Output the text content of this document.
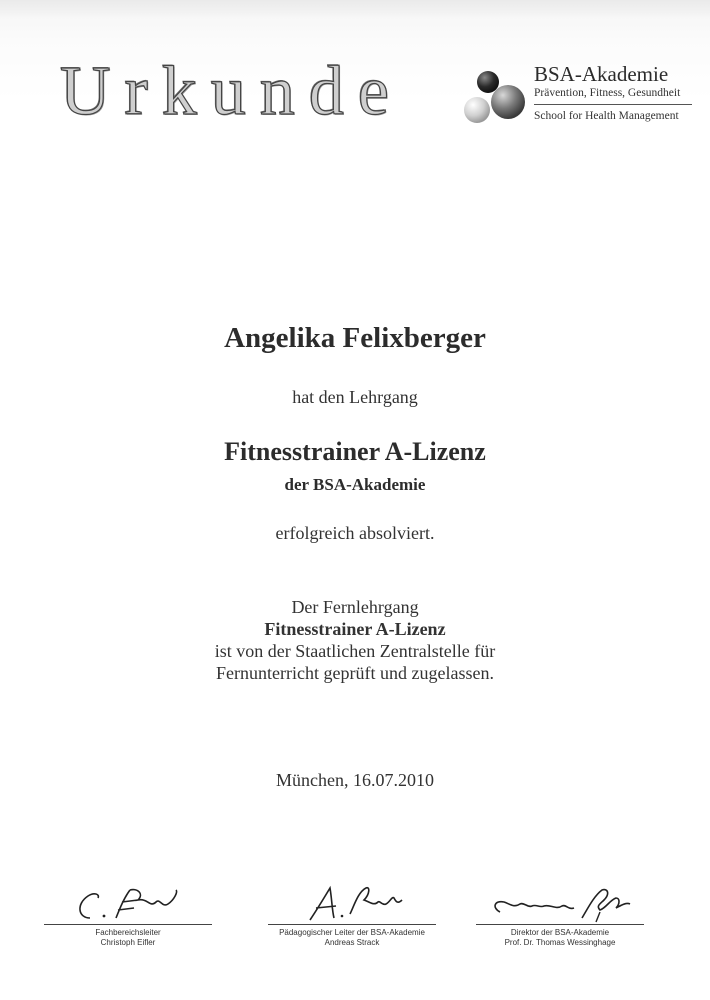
Urkunde	BSA-Akademie
Prävention, Fitness, Gesundheit
School for Health Management
Angelika Felixberger
hat den Lehrgang
Fitnesstrainer A-Lizenz
der BSA-Akademie
erfolgreich absolviert.
Der Fernlehrgang
Fitnesstrainer A-Lizenz
ist von der Staatlichen Zentralstelle für
Fernunterricht geprüft und zugelassen.
München, 16.07.2010
Fachbereichsleiter
Christoph Eifler
Pädagogischer Leiter der BSA-Akademie
Andreas Strack
Direktor der BSA-Akademie
Prof. Dr. Thomas Wessinghage
